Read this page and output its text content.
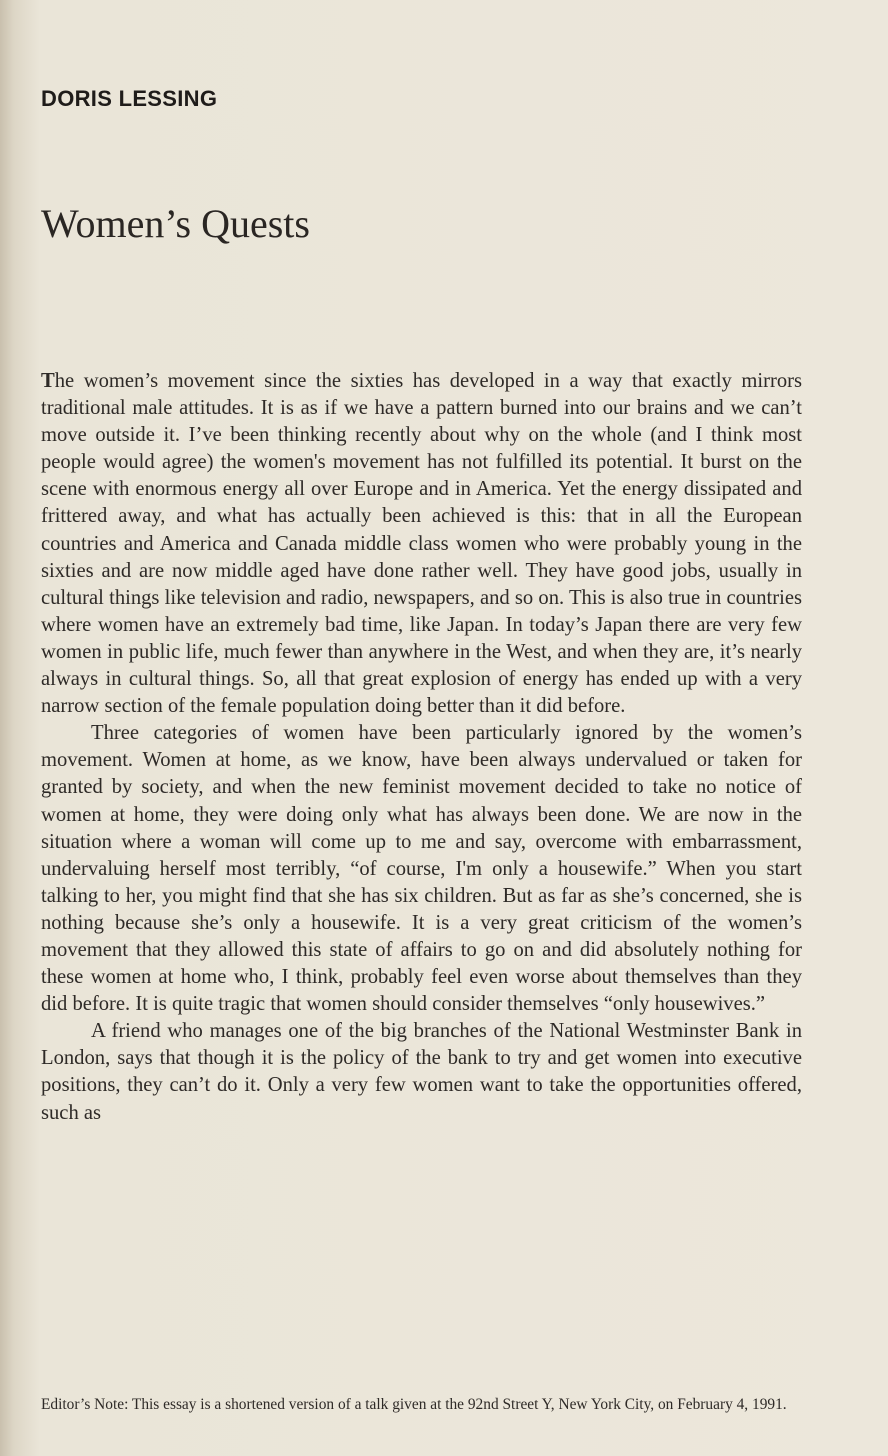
DORIS LESSING
Women’s Quests

The women’s movement since the sixties has developed in a way that exactly mirrors traditional male attitudes. It is as if we have a pattern burned into our brains and we can’t move outside it. I’ve been thinking recently about why on the whole (and I think most people would agree) the women's movement has not fulfilled its potential. It burst on the scene with enormous energy all over Europe and in America. Yet the energy dissipated and frittered away, and what has actually been achieved is this: that in all the European countries and America and Canada middle class women who were probably young in the sixties and are now middle aged have done rather well. They have good jobs, usually in cultural things like television and radio, newspapers, and so on. This is also true in countries where women have an extremely bad time, like Japan. In today’s Japan there are very few women in public life, much fewer than anywhere in the West, and when they are, it’s nearly always in cultural things. So, all that great explosion of energy has ended up with a very narrow section of the female population doing better than it did before.

Three categories of women have been particularly ignored by the women’s movement. Women at home, as we know, have been always undervalued or taken for granted by society, and when the new feminist movement decided to take no notice of women at home, they were doing only what has always been done. We are now in the situation where a woman will come up to me and say, overcome with embarrassment, undervaluing herself most terribly, “of course, I'm only a housewife.” When you start talking to her, you might find that she has six children. But as far as she’s concerned, she is nothing because she’s only a housewife. It is a very great criticism of the women’s movement that they allowed this state of affairs to go on and did absolutely nothing for these women at home who, I think, probably feel even worse about themselves than they did before. It is quite tragic that women should consider themselves “only housewives.”

A friend who manages one of the big branches of the National Westminster Bank in London, says that though it is the policy of the bank to try and get women into executive positions, they can’t do it. Only a very few women want to take the opportunities offered, such as

Editor’s Note: This essay is a shortened version of a talk given at the 92nd Street Y, New York City, on February 4, 1991.
